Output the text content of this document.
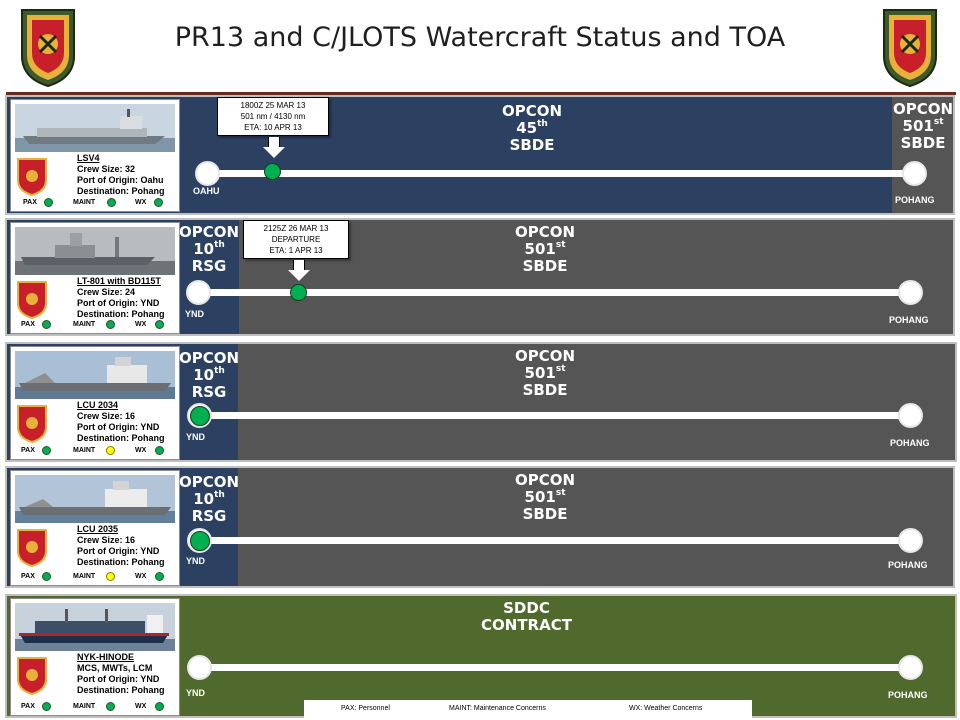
PR13 and C/JLOTS Watercraft Status and TOA
LSV4
Crew Size: 32
Port of Origin: Oahu
Destination: Pohang
PAX	MAINT	WX
OPCON
45th
SBDE
OPCON
501st
SBDE
OAHU
POHANG
1800Z 25 MAR 13
501 nm / 4130 nm
ETA: 10 APR 13
LT-801 with BD115T
Crew Size: 24
Port of Origin: YND
Destination: Pohang
PAX	MAINT	WX
OPCON
10th
RSG
OPCON
501st
SBDE
YND
POHANG
2125Z 26 MAR 13
DEPARTURE
ETA: 1 APR 13
LCU 2034
Crew Size: 16
Port of Origin: YND
Destination: Pohang
PAX	MAINT	WX
OPCON
10th
RSG
OPCON
501st
SBDE
YND
POHANG
LCU 2035
Crew Size: 16
Port of Origin: YND
Destination: Pohang
PAX	MAINT	WX
OPCON
10th
RSG
OPCON
501st
SBDE
YND	POHANG
NYK-HINODE
MCS, MWTs, LCM
Port of Origin: YND
Destination: Pohang
PAX	MAINT	WX
SDDC
CONTRACT
YND	POHANG
PAX: Personnel	MAINT: Maintenance Concerns	WX: Weather Concerns
